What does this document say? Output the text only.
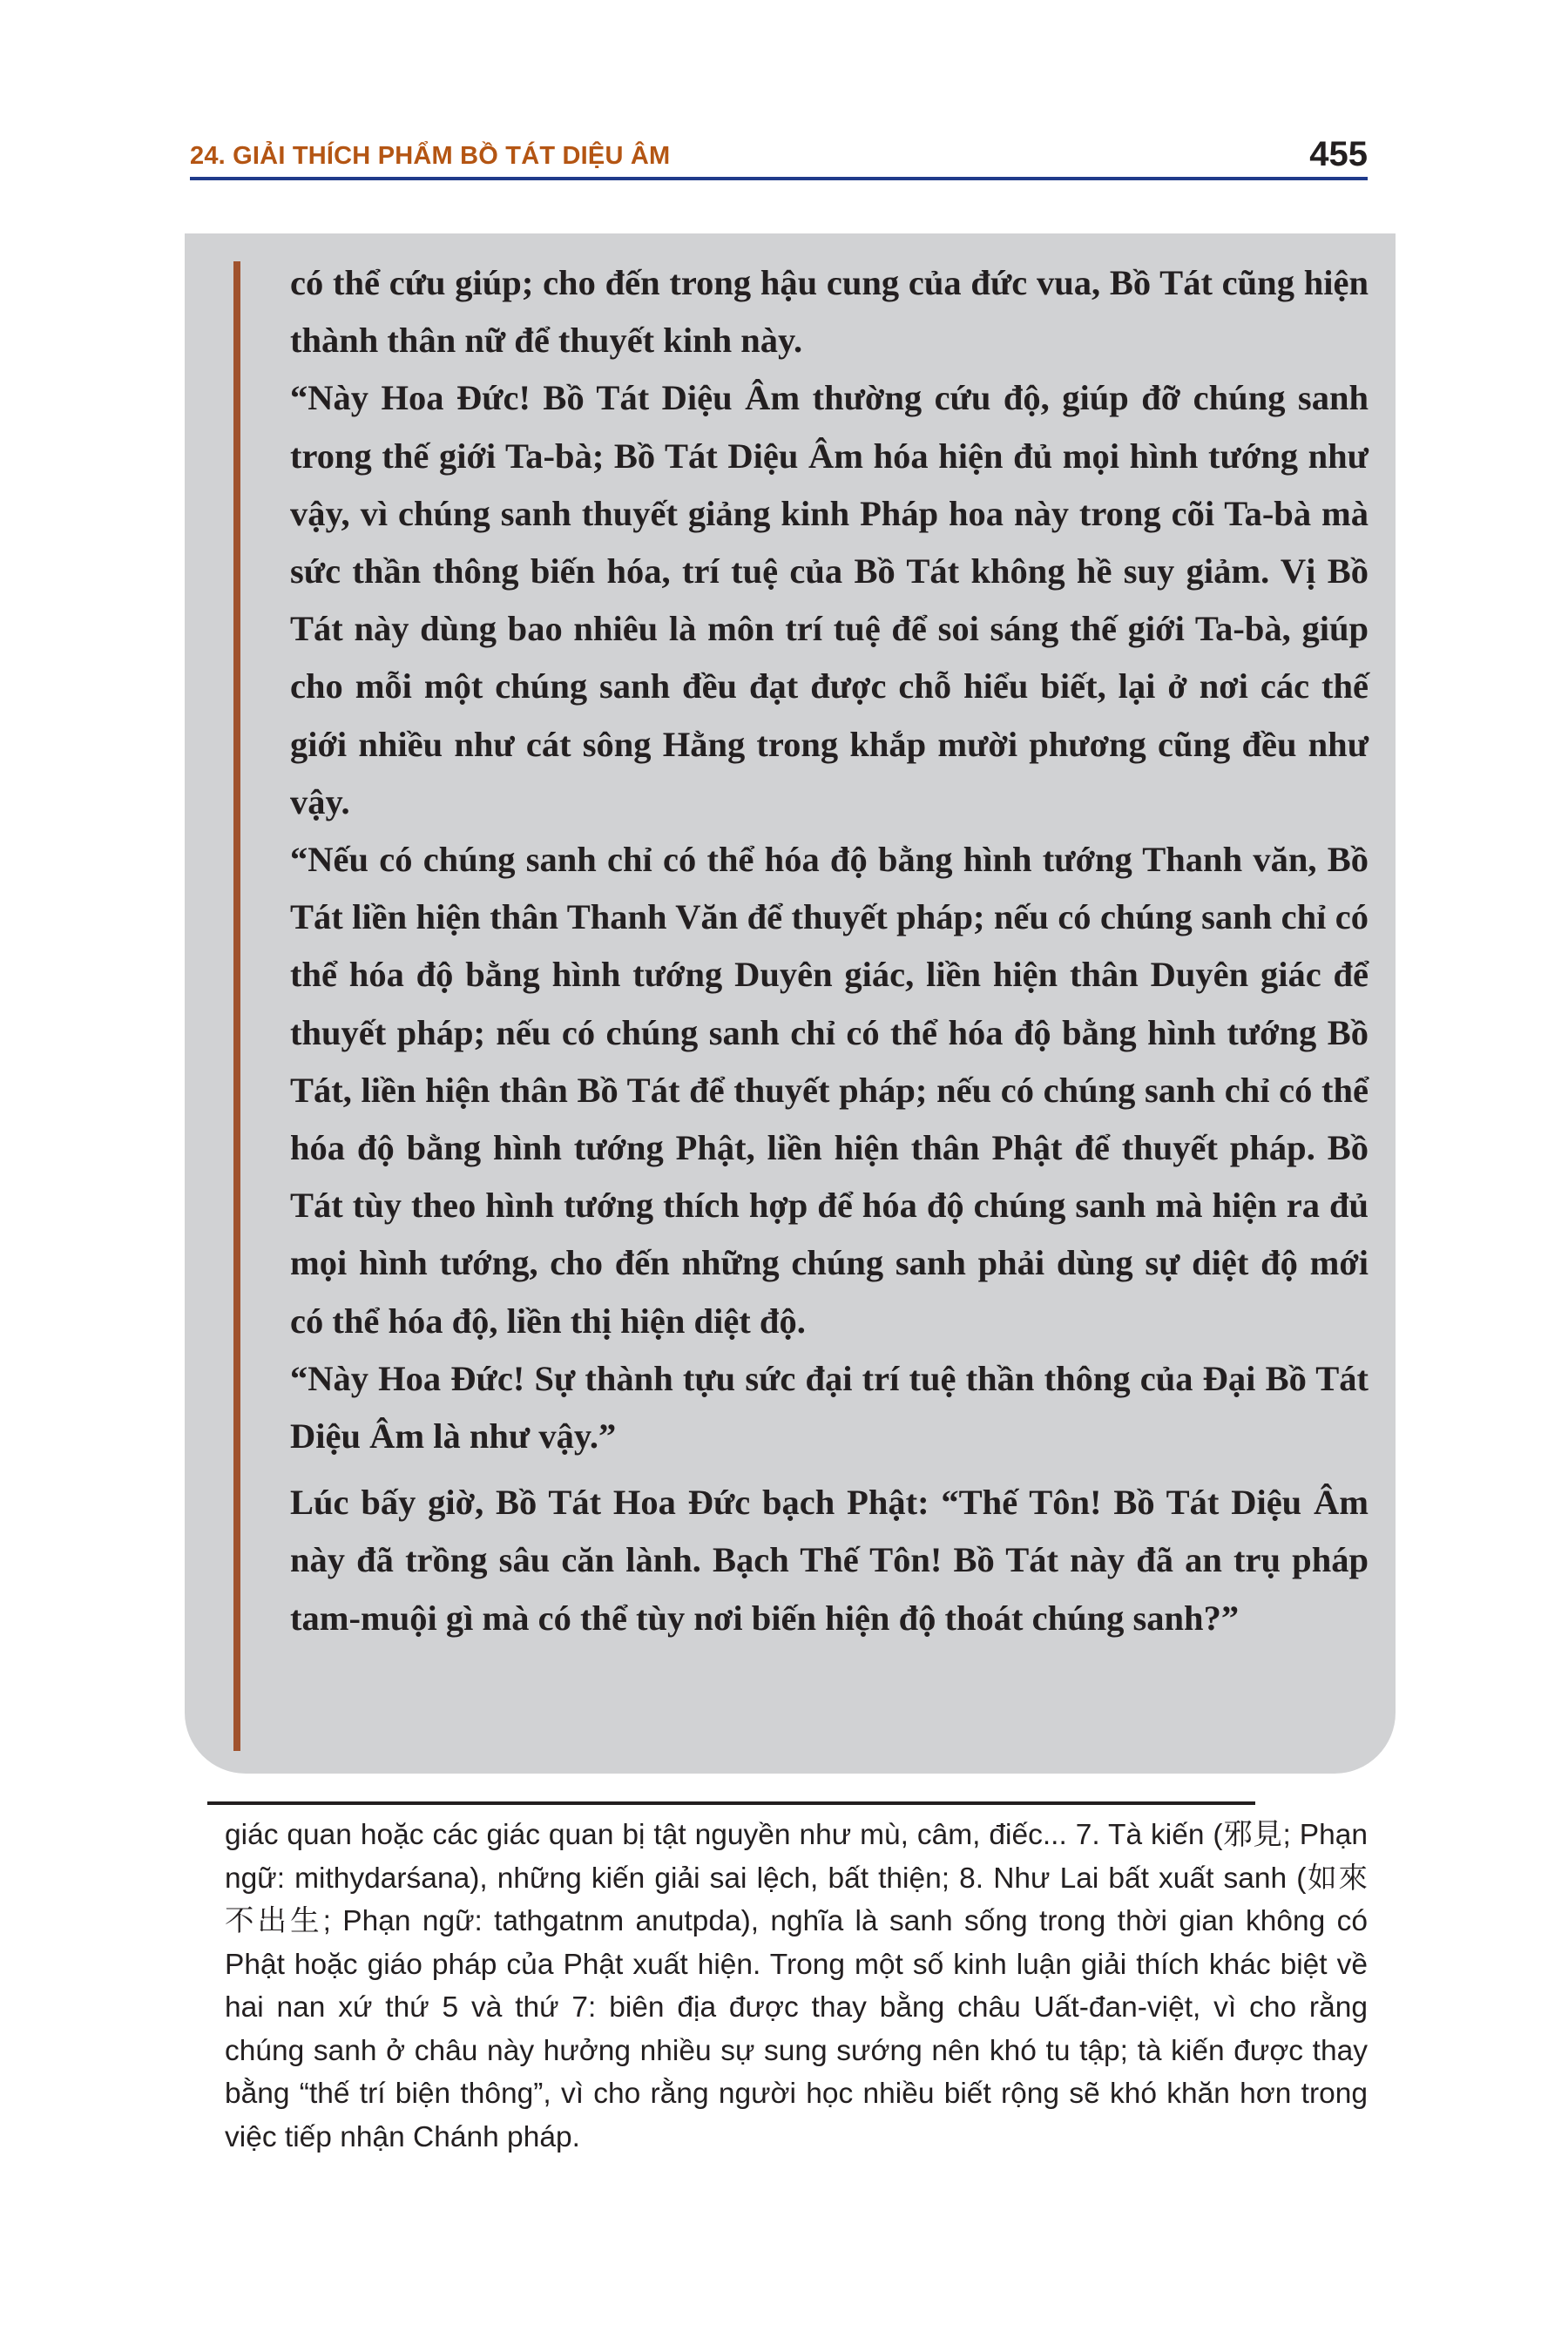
24. GIẢI THÍCH PHẨM BỒ TÁT DIỆU ÂM	455

có thể cứu giúp; cho đến trong hậu cung của đức vua, Bồ Tát cũng hiện thành thân nữ để thuyết kinh này.

“Này Hoa Đức! Bồ Tát Diệu Âm thường cứu độ, giúp đỡ chúng sanh trong thế giới Ta-bà; Bồ Tát Diệu Âm hóa hiện đủ mọi hình tướng như vậy, vì chúng sanh thuyết giảng kinh Pháp hoa này trong cõi Ta-bà mà sức thần thông biến hóa, trí tuệ của Bồ Tát không hề suy giảm. Vị Bồ Tát này dùng bao nhiêu là môn trí tuệ để soi sáng thế giới Ta-bà, giúp cho mỗi một chúng sanh đều đạt được chỗ hiểu biết, lại ở nơi các thế giới nhiều như cát sông Hằng trong khắp mười phương cũng đều như vậy.

“Nếu có chúng sanh chỉ có thể hóa độ bằng hình tướng Thanh văn, Bồ Tát liền hiện thân Thanh Văn để thuyết pháp; nếu có chúng sanh chỉ có thể hóa độ bằng hình tướng Duyên giác, liền hiện thân Duyên giác để thuyết pháp; nếu có chúng sanh chỉ có thể hóa độ bằng hình tướng Bồ Tát, liền hiện thân Bồ Tát để thuyết pháp; nếu có chúng sanh chỉ có thể hóa độ bằng hình tướng Phật, liền hiện thân Phật để thuyết pháp. Bồ Tát tùy theo hình tướng thích hợp để hóa độ chúng sanh mà hiện ra đủ mọi hình tướng, cho đến những chúng sanh phải dùng sự diệt độ mới có thể hóa độ, liền thị hiện diệt độ.

“Này Hoa Đức! Sự thành tựu sức đại trí tuệ thần thông của Đại Bồ Tát Diệu Âm là như vậy.”

Lúc bấy giờ, Bồ Tát Hoa Đức bạch Phật: “Thế Tôn! Bồ Tát Diệu Âm này đã trồng sâu căn lành. Bạch Thế Tôn! Bồ Tát này đã an trụ pháp tam-muội gì mà có thể tùy nơi biến hiện độ thoát chúng sanh?”

giác quan hoặc các giác quan bị tật nguyền như mù, câm, điếc... 7. Tà kiến (邪見; Phạn ngữ: mithydarśana), những kiến giải sai lệch, bất thiện; 8. Như Lai bất xuất sanh (如來不出生; Phạn ngữ: tathgatnm anutpda), nghĩa là sanh sống trong thời gian không có Phật hoặc giáo pháp của Phật xuất hiện. Trong một số kinh luận giải thích khác biệt về hai nan xứ thứ 5 và thứ 7: biên địa được thay bằng châu Uất-đan-việt, vì cho rằng chúng sanh ở châu này hưởng nhiều sự sung sướng nên khó tu tập; tà kiến được thay bằng “thế trí biện thông”, vì cho rằng người học nhiều biết rộng sẽ khó khăn hơn trong việc tiếp nhận Chánh pháp.
